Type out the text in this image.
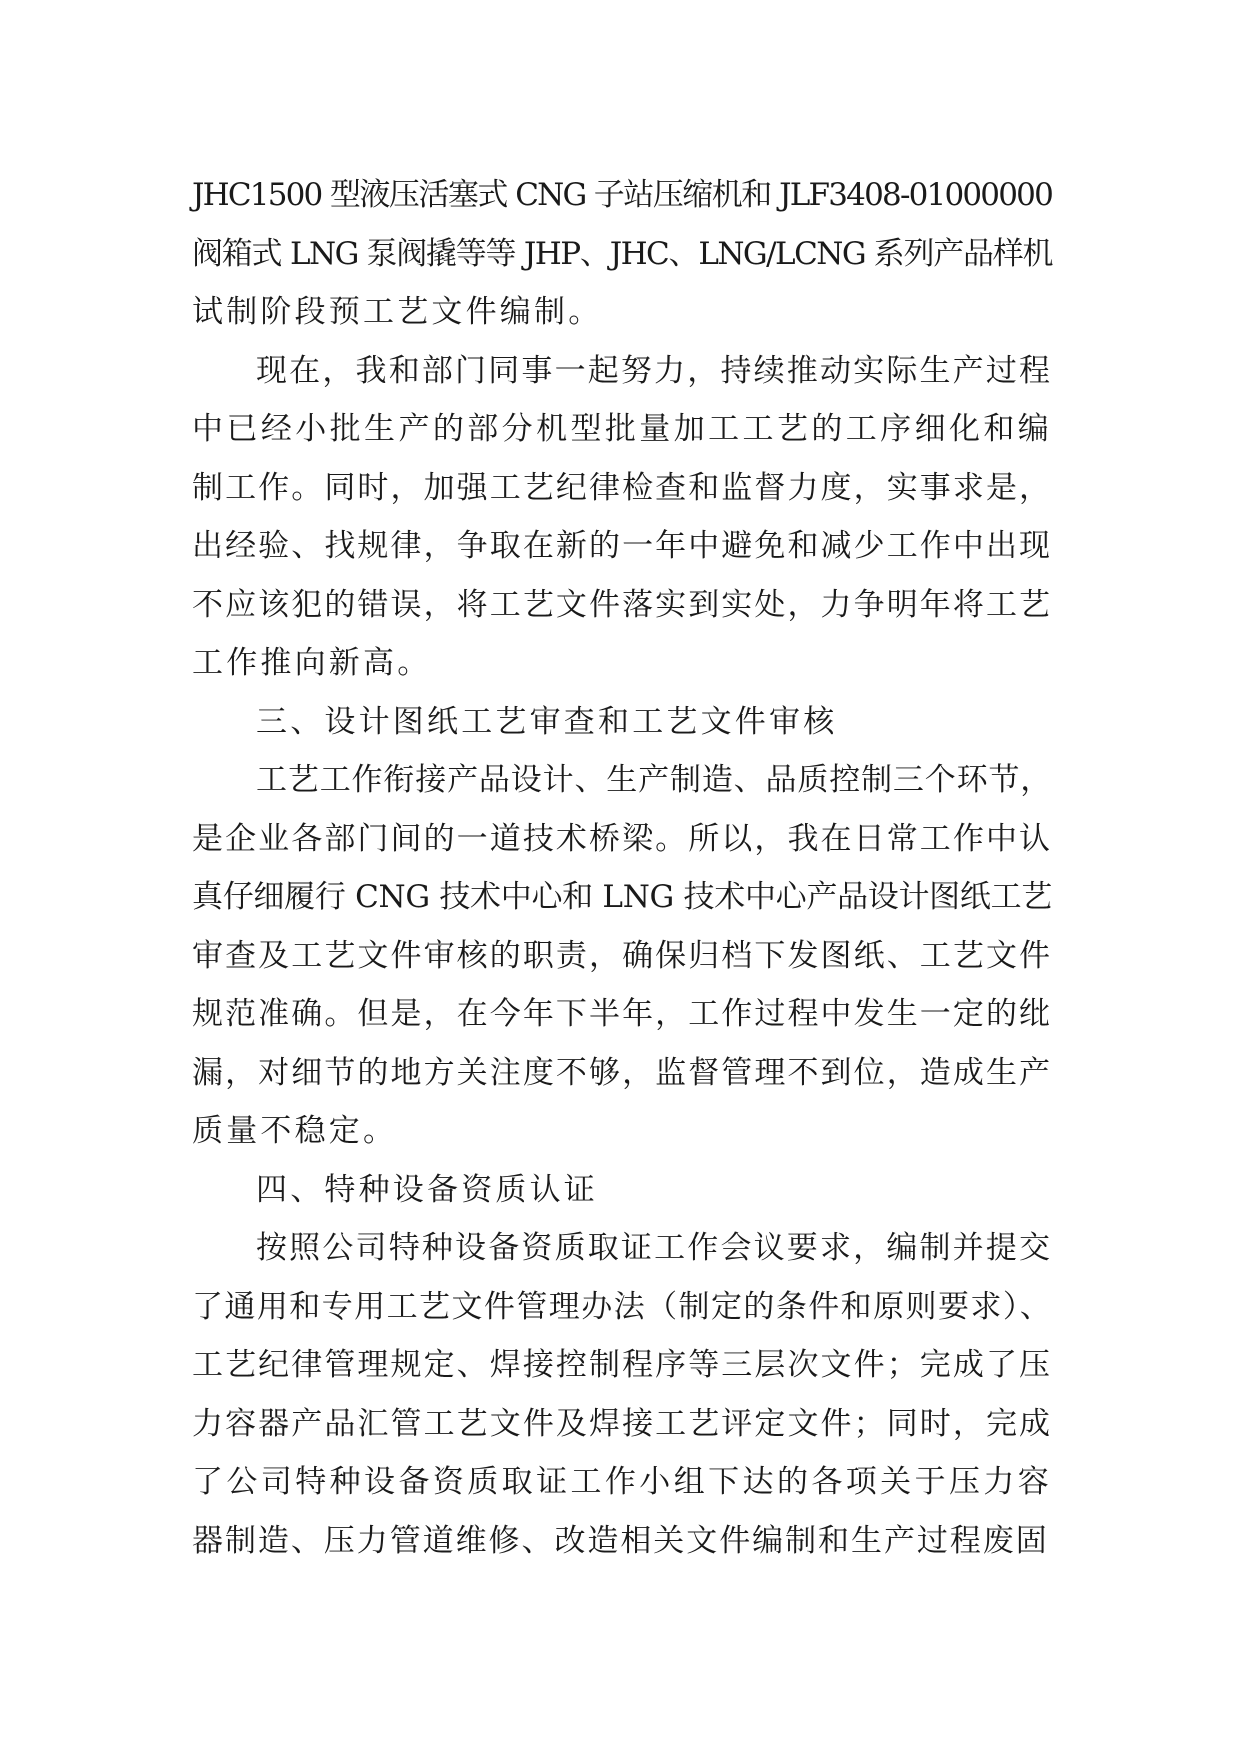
JHC1500 型液压活塞式 CNG 子站压缩机和 JLF3408-01000000
阀箱式 LNG 泵阀撬等等 JHP、JHC、LNG/LCNG 系列产品样机
试制阶段预工艺文件编制。
现在，我和部门同事一起努力，持续推动实际生产过程
中已经小批生产的部分机型批量加工工艺的工序细化和编
制工作。同时，加强工艺纪律检查和监督力度，实事求是，
出经验、找规律，争取在新的一年中避免和减少工作中出现
不应该犯的错误，将工艺文件落实到实处，力争明年将工艺
工作推向新高。
三、设计图纸工艺审查和工艺文件审核
工艺工作衔接产品设计、生产制造、品质控制三个环节，
是企业各部门间的一道技术桥梁。所以，我在日常工作中认
真仔细履行 CNG 技术中心和 LNG 技术中心产品设计图纸工艺
审查及工艺文件审核的职责，确保归档下发图纸、工艺文件
规范准确。但是，在今年下半年，工作过程中发生一定的纰
漏，对细节的地方关注度不够，监督管理不到位，造成生产
质量不稳定。
四、特种设备资质认证
按照公司特种设备资质取证工作会议要求，编制并提交
了通用和专用工艺文件管理办法（制定的条件和原则要求）、
工艺纪律管理规定、焊接控制程序等三层次文件；完成了压
力容器产品汇管工艺文件及焊接工艺评定文件；同时，完成
了公司特种设备资质取证工作小组下达的各项关于压力容
器制造、压力管道维修、改造相关文件编制和生产过程废固
